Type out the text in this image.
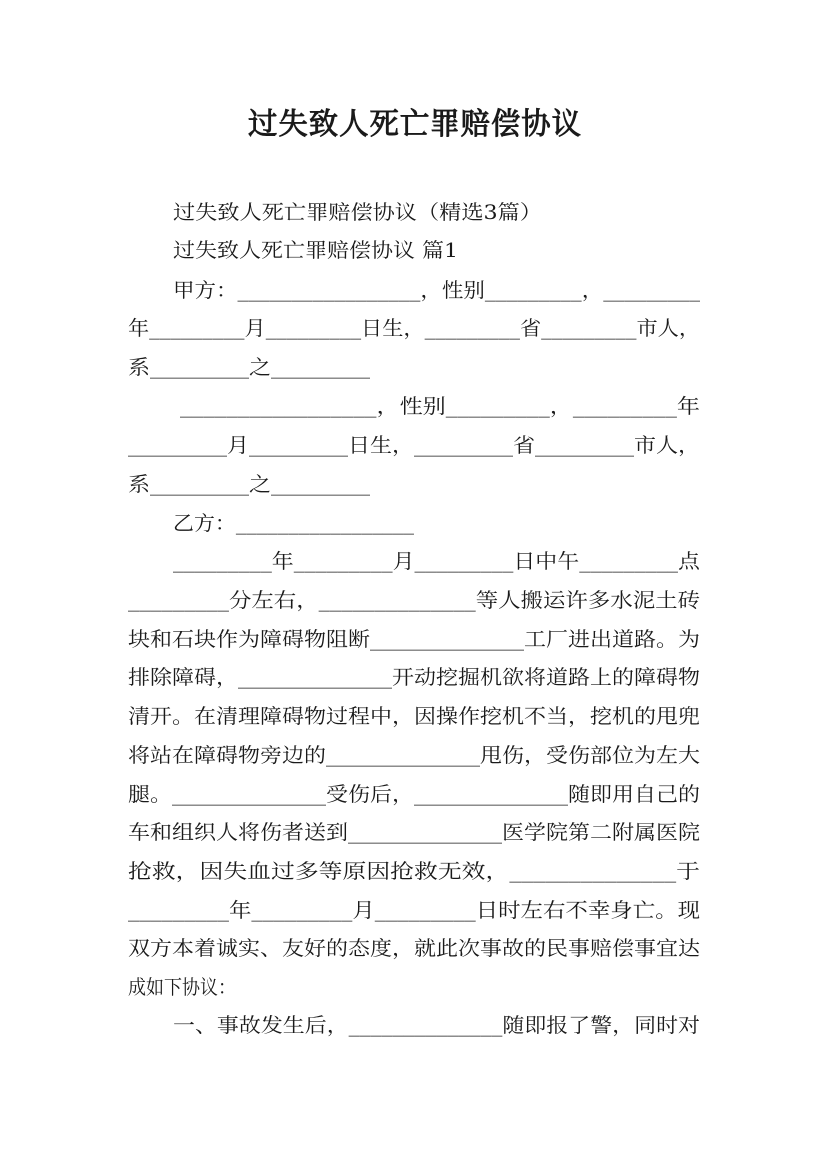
过失致人死亡罪赔偿协议
过失致人死亡罪赔偿协议（精选3篇）
过失致人死亡罪赔偿协议 篇1
甲方：_________________，性别_________，_________
年_________月_________日生，_________省_________市人，
系_________之_________
_________________，性别_________，_________年
_________月_________日生，_________省_________市人，
系_________之_________
乙方：_________________
_________年_________月_________日中午_________点
_________分左右，______________等人搬运许多水泥土砖
块和石块作为障碍物阻断______________工厂进出道路。为
排除障碍，______________开动挖掘机欲将道路上的障碍物
清开。在清理障碍物过程中，因操作挖机不当，挖机的甩兜
将站在障碍物旁边的______________甩伤，受伤部位为左大
腿。______________受伤后，______________随即用自己的
车和组织人将伤者送到______________医学院第二附属医院
抢救，因失血过多等原因抢救无效，______________于
_________年_________月_________日时左右不幸身亡。现
双方本着诚实、友好的态度，就此次事故的民事赔偿事宜达
成如下协议：
一、事故发生后，______________随即报了警，同时对
